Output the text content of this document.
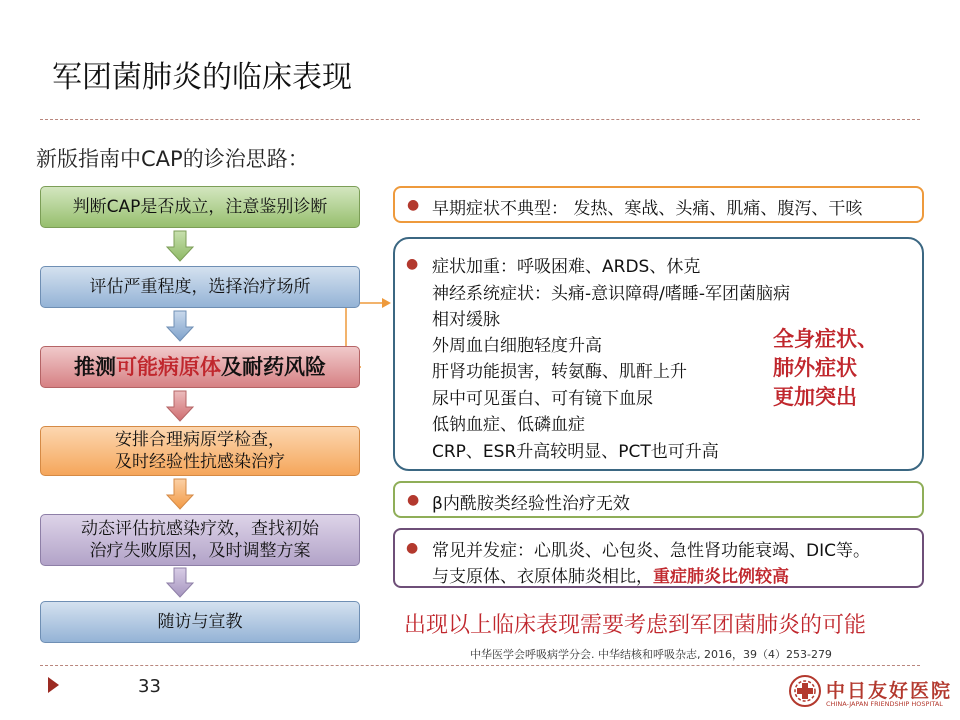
军团菌肺炎的临床表现
新版指南中CAP的诊治思路：
判断CAP是否成立，注意鉴别诊断
评估严重程度，选择治疗场所
推测 可能病原体 及耐药风险
安排合理病原学检查，
及时经验性抗感染治疗
动态评估抗感染疗效，查找初始
治疗失败原因，及时调整方案
随访与宣教
● 早期症状不典型： 发热、寒战、头痛、肌痛、腹泻、干咳
● 症状加重：呼吸困难、ARDS、休克
神经系统症状：头痛-意识障碍/嗜睡-军团菌脑病
相对缓脉
外周血白细胞轻度升高
肝肾功能损害，转氨酶、肌酐上升
尿中可见蛋白、可有镜下血尿
低钠血症、低磷血症
CRP、ESR升高较明显、PCT也可升高
全身症状、
肺外症状
更加突出
● β内酰胺类经验性治疗无效
● 常见并发症：心肌炎、心包炎、急性肾功能衰竭、DIC等。
与支原体、衣原体肺炎相比，重症肺炎比例较高
出现以上临床表现需要考虑到军团菌肺炎的可能
中华医学会呼吸病学分会. 中华结核和呼吸杂志, 2016，39（4）253-279
33	中日友好医院
CHINA-JAPAN FRIENDSHIP HOSPITAL
